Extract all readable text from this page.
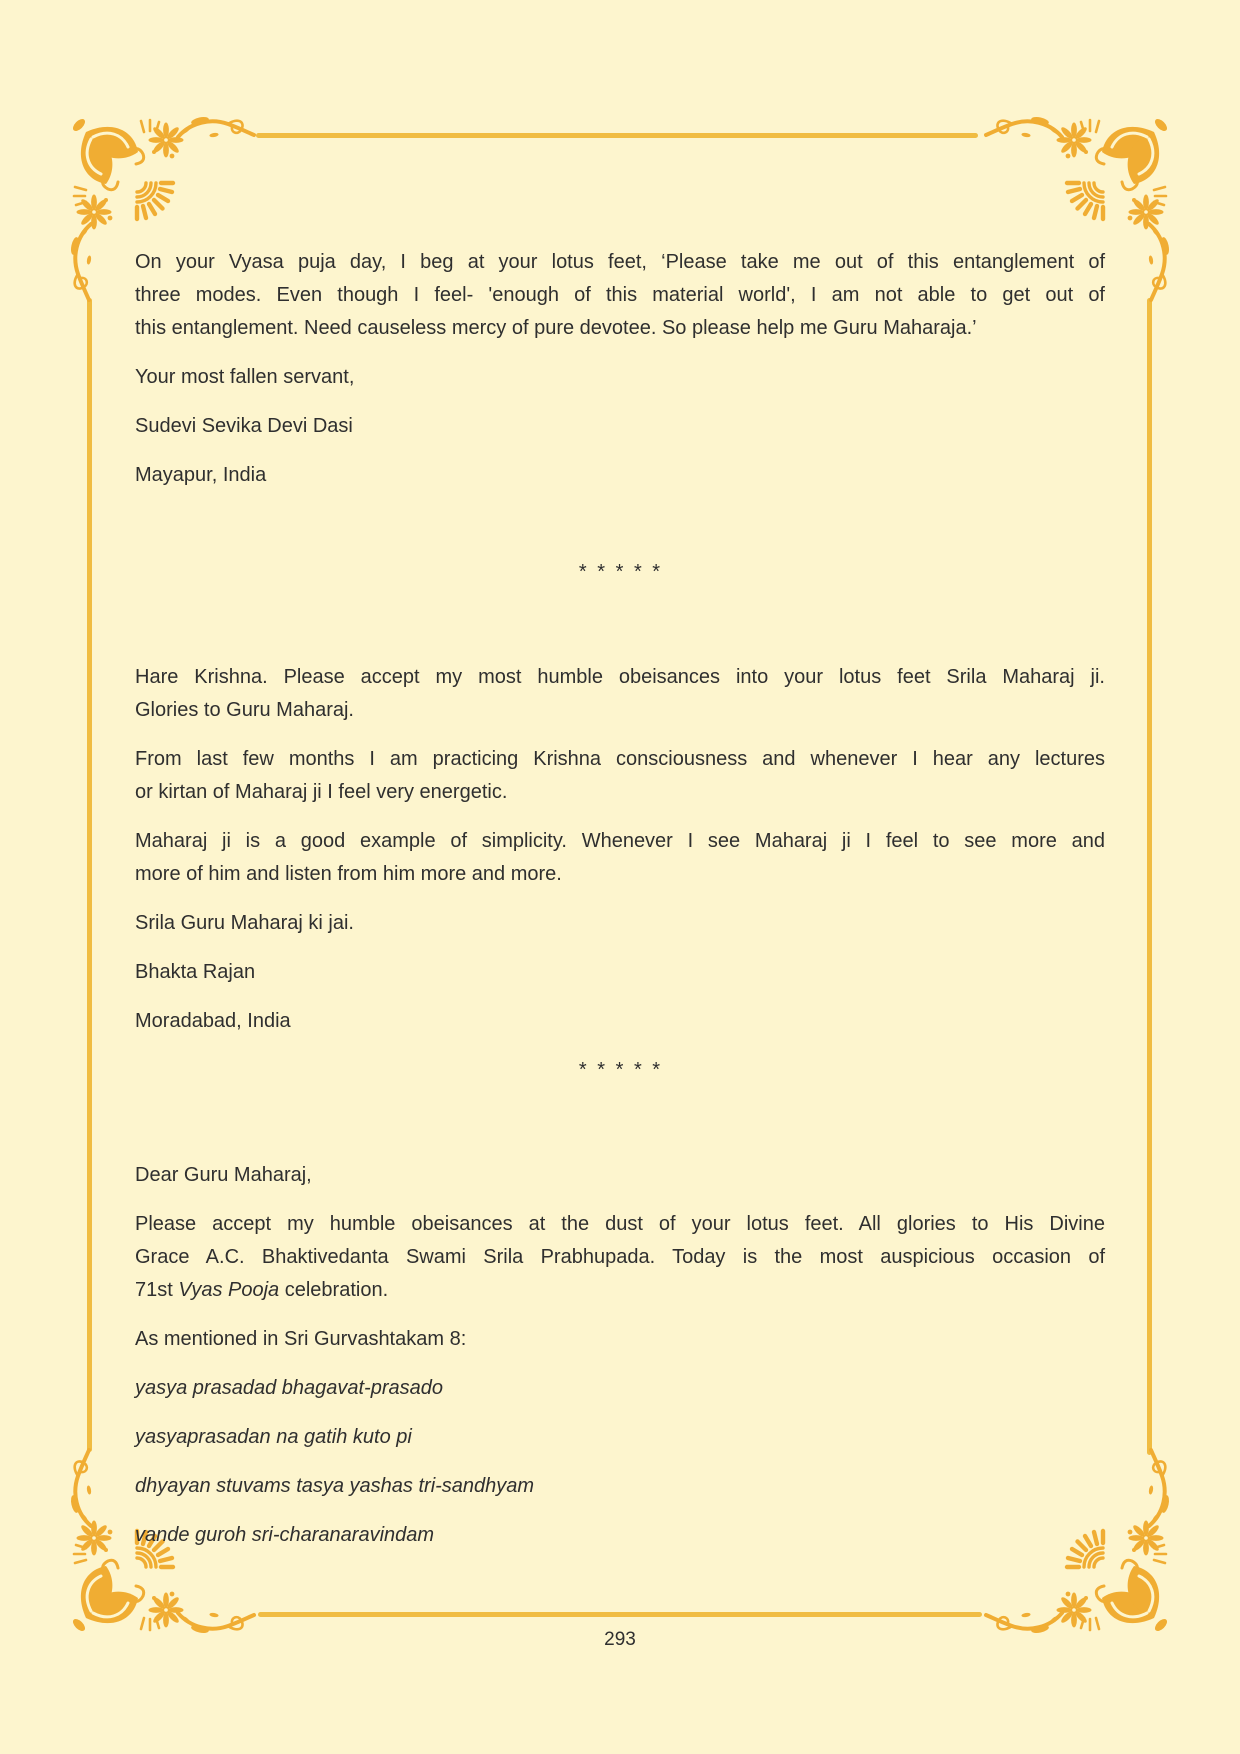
On your Vyasa puja day, I beg at your lotus feet, ‘Please take me out of this entanglement of
three modes. Even though I feel- 'enough of this material world', I am not able to get out of
this entanglement. Need causeless mercy of pure devotee. So please help me Guru Maharaja.’
Your most fallen servant,
Sudevi Sevika Devi Dasi
Mayapur, India
* * * * *
Hare Krishna. Please accept my most humble obeisances into your lotus feet Srila Maharaj ji.
Glories to Guru Maharaj.
From last few months I am practicing Krishna consciousness and whenever I hear any lectures
or kirtan of Maharaj ji I feel very energetic.
Maharaj ji is a good example of simplicity. Whenever I see Maharaj ji I feel to see more and
more of him and listen from him more and more.
Srila Guru Maharaj ki jai.
Bhakta Rajan
Moradabad, India
* * * * *
Dear Guru Maharaj,
Please accept my humble obeisances at the dust of your lotus feet. All glories to His Divine
Grace A.C. Bhaktivedanta Swami Srila Prabhupada. Today is the most auspicious occasion of
71st Vyas Pooja celebration.
As mentioned in Sri Gurvashtakam 8:
yasya prasadad bhagavat-prasado
yasyaprasadan na gatih kuto pi
dhyayan stuvams tasya yashas tri-sandhyam
vande guroh sri-charanaravindam
293
